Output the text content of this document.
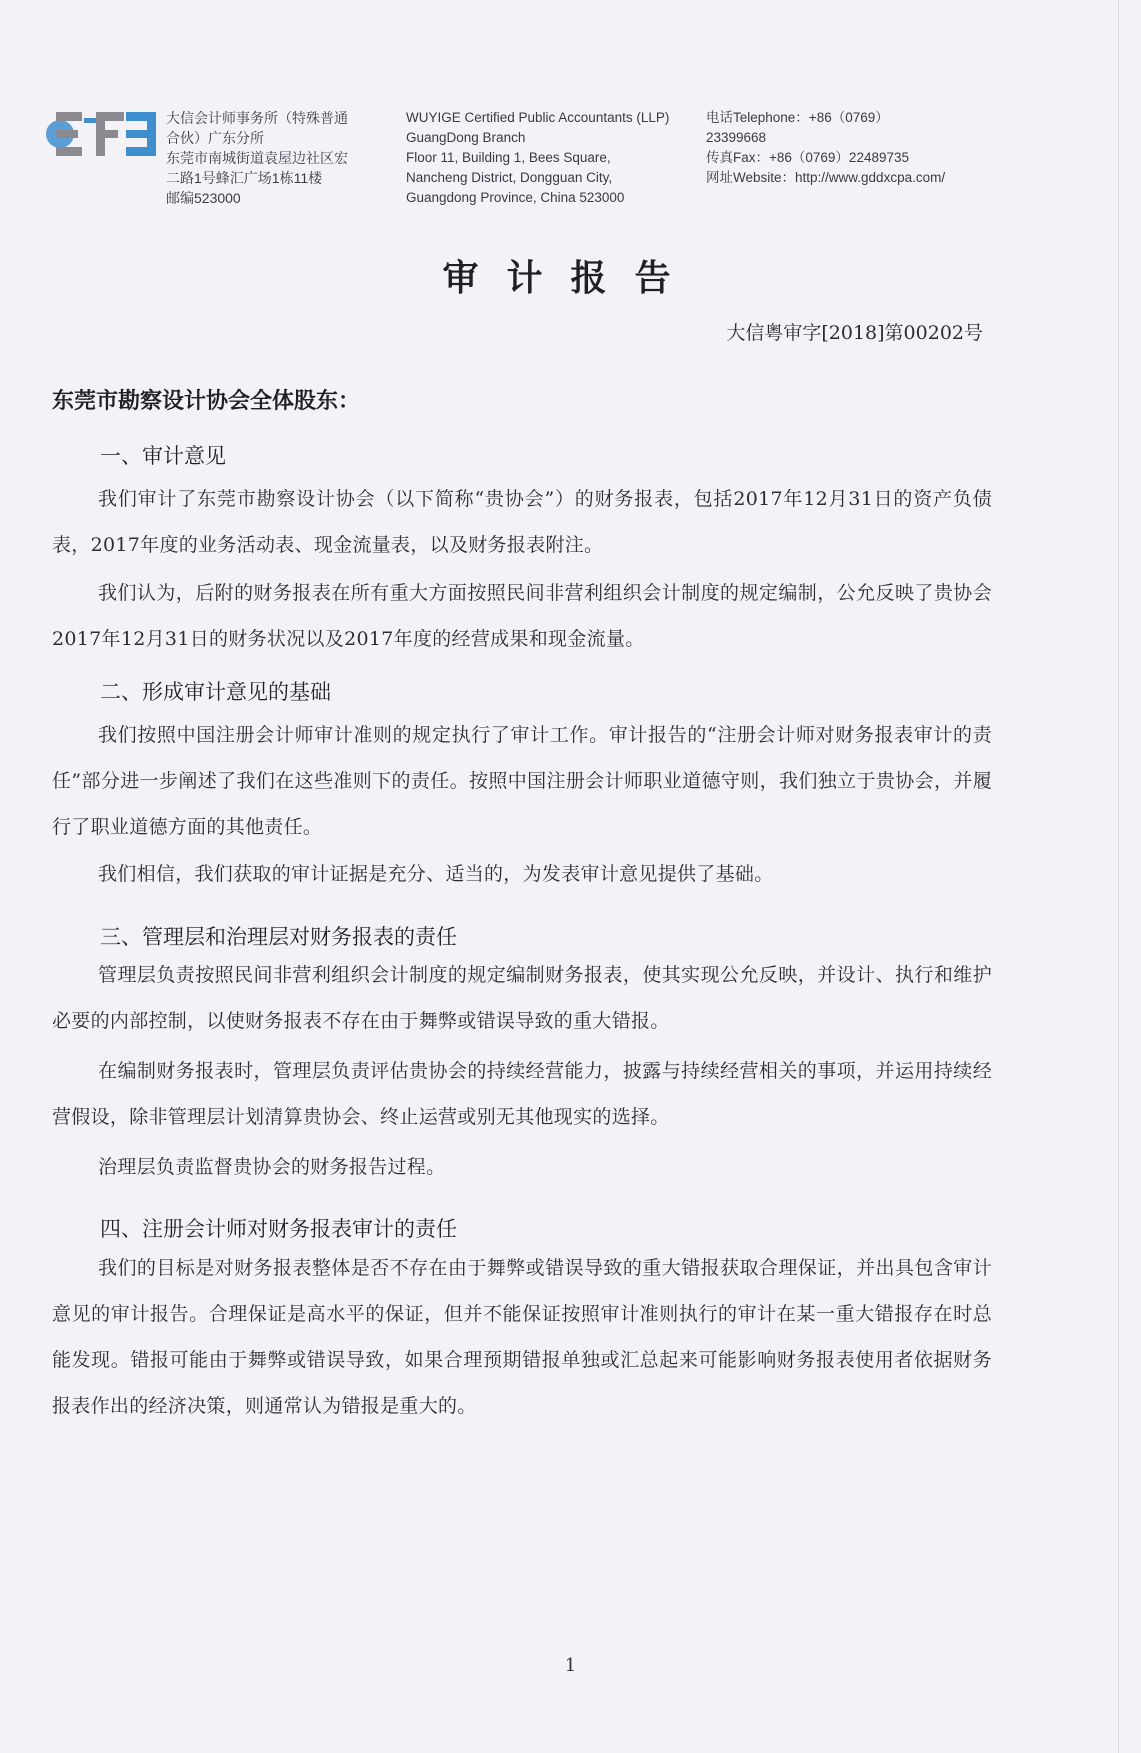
大信会计师事务所（特殊普通
合伙）广东分所
东莞市南城街道袁屋边社区宏
二路1号蜂汇广场1栋11楼
邮编523000
WUYIGE Certified Public Accountants (LLP)
GuangDong Branch
Floor 11, Building 1, Bees Square,
Nancheng District, Dongguan City,
Guangdong Province, China 523000
电话Telephone：+86（0769）
23399668
传真Fax：+86（0769）22489735
网址Website：http://www.gddxcpa.com/
审计报告
大信粤审字[2018]第00202号
东莞市勘察设计协会全体股东：
一、审计意见
我们审计了东莞市勘察设计协会（以下简称“贵协会”）的财务报表，包括2017年12月31日的资产负债表，2017年度的业务活动表、现金流量表，以及财务报表附注。
我们认为，后附的财务报表在所有重大方面按照民间非营利组织会计制度的规定编制，公允反映了贵协会2017年12月31日的财务状况以及2017年度的经营成果和现金流量。
二、形成审计意见的基础
我们按照中国注册会计师审计准则的规定执行了审计工作。审计报告的“注册会计师对财务报表审计的责任”部分进一步阐述了我们在这些准则下的责任。按照中国注册会计师职业道德守则，我们独立于贵协会，并履行了职业道德方面的其他责任。
我们相信，我们获取的审计证据是充分、适当的，为发表审计意见提供了基础。
三、管理层和治理层对财务报表的责任
管理层负责按照民间非营利组织会计制度的规定编制财务报表，使其实现公允反映，并设计、执行和维护必要的内部控制，以使财务报表不存在由于舞弊或错误导致的重大错报。
在编制财务报表时，管理层负责评估贵协会的持续经营能力，披露与持续经营相关的事项，并运用持续经营假设，除非管理层计划清算贵协会、终止运营或别无其他现实的选择。
治理层负责监督贵协会的财务报告过程。
四、注册会计师对财务报表审计的责任
我们的目标是对财务报表整体是否不存在由于舞弊或错误导致的重大错报获取合理保证，并出具包含审计意见的审计报告。合理保证是高水平的保证，但并不能保证按照审计准则执行的审计在某一重大错报存在时总能发现。错报可能由于舞弊或错误导致，如果合理预期错报单独或汇总起来可能影响财务报表使用者依据财务报表作出的经济决策，则通常认为错报是重大的。
1
